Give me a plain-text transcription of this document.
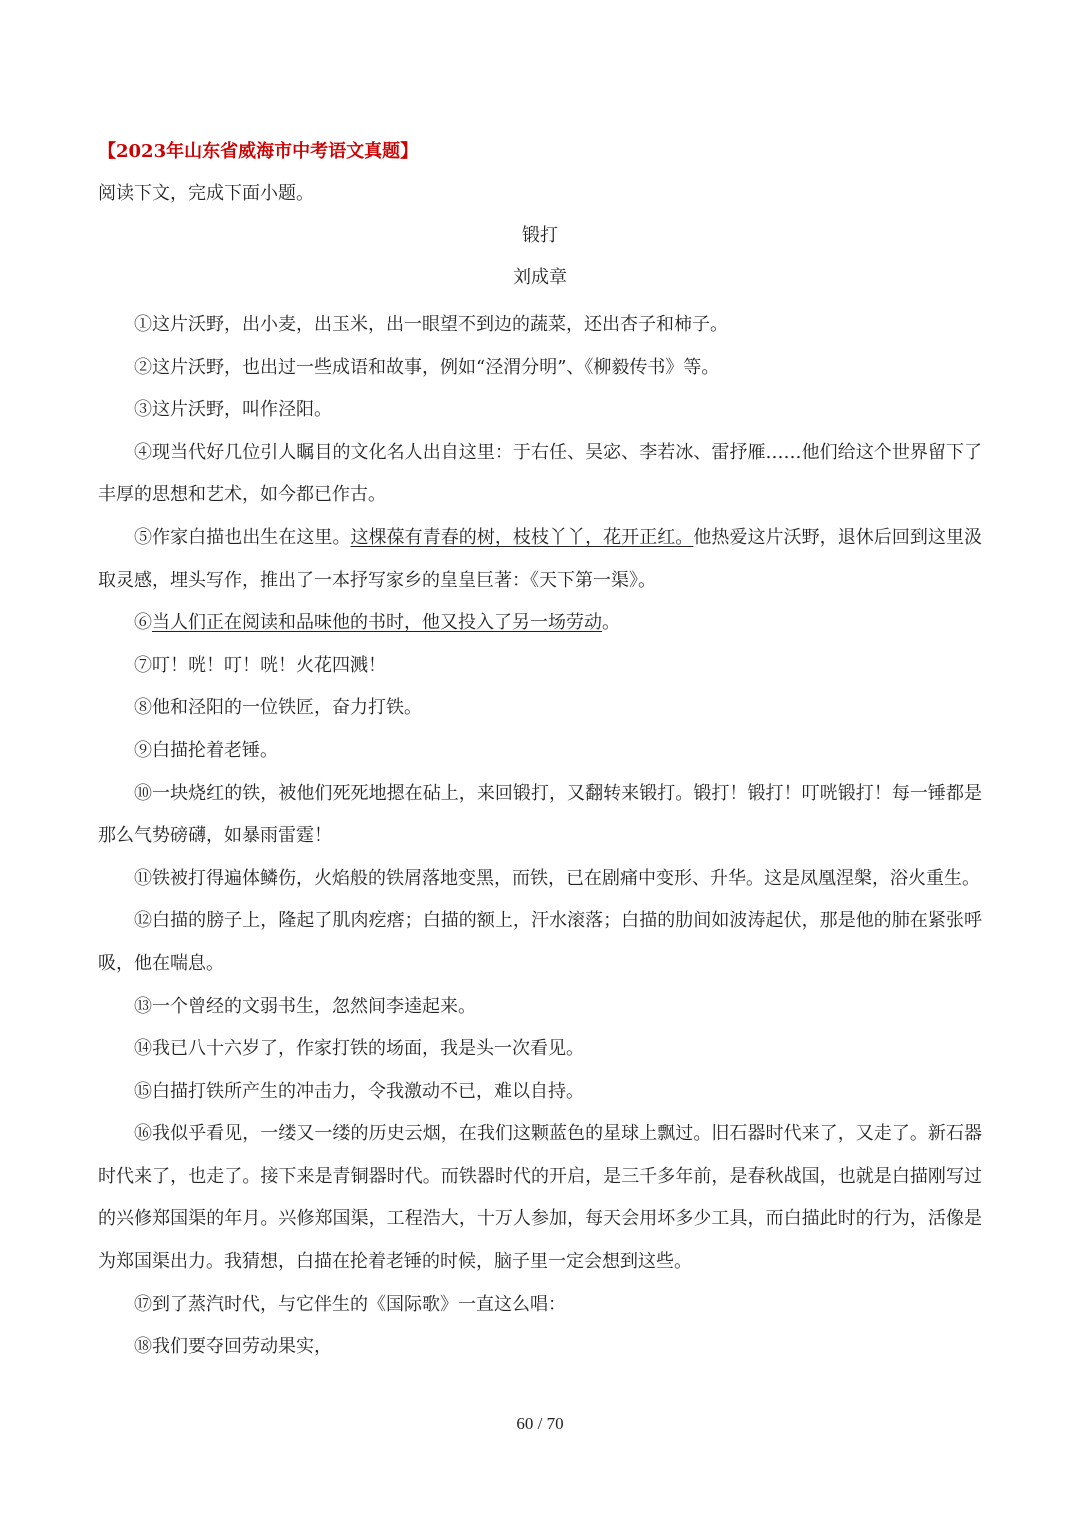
【2023年山东省威海市中考语文真题】
阅读下文，完成下面小题。
锻打
刘成章

①这片沃野，出小麦，出玉米，出一眼望不到边的蔬菜，还出杏子和柿子。

②这片沃野，也出过一些成语和故事，例如“泾渭分明”、《柳毅传书》等。

③这片沃野，叫作泾阳。

④现当代好几位引人瞩目的文化名人出自这里：于右任、吴宓、李若冰、雷抒雁……他们给这个世界留下了丰厚的思想和艺术，如今都已作古。

⑤作家白描也出生在这里。这棵葆有青春的树，枝枝丫丫，花开正红。他热爱这片沃野，退休后回到这里汲取灵感，埋头写作，推出了一本抒写家乡的皇皇巨著：《天下第一渠》。

⑥当人们正在阅读和品味他的书时，他又投入了另一场劳动。

⑦叮！咣！叮！咣！火花四溅！

⑧他和泾阳的一位铁匠，奋力打铁。

⑨白描抡着老锤。

⑩一块烧红的铁，被他们死死地摁在砧上，来回锻打，又翻转来锻打。锻打！锻打！叮咣锻打！每一锤都是那么气势磅礴，如暴雨雷霆！

⑪铁被打得遍体鳞伤，火焰般的铁屑落地变黑，而铁，已在剧痛中变形、升华。这是凤凰涅槃，浴火重生。

⑫白描的膀子上，隆起了肌肉疙瘩；白描的额上，汗水滚落；白描的肋间如波涛起伏，那是他的肺在紧张呼吸，他在喘息。

⑬一个曾经的文弱书生，忽然间李逵起来。

⑭我已八十六岁了，作家打铁的场面，我是头一次看见。

⑮白描打铁所产生的冲击力，令我激动不已，难以自持。

⑯我似乎看见，一缕又一缕的历史云烟，在我们这颗蓝色的星球上飘过。旧石器时代来了，又走了。新石器时代来了，也走了。接下来是青铜器时代。而铁器时代的开启，是三千多年前，是春秋战国，也就是白描刚写过的兴修郑国渠的年月。兴修郑国渠，工程浩大，十万人参加，每天会用坏多少工具，而白描此时的行为，活像是为郑国渠出力。我猜想，白描在抡着老锤的时候，脑子里一定会想到这些。

⑰到了蒸汽时代，与它伴生的《国际歌》一直这么唱：

⑱我们要夺回劳动果实，

60 / 70
